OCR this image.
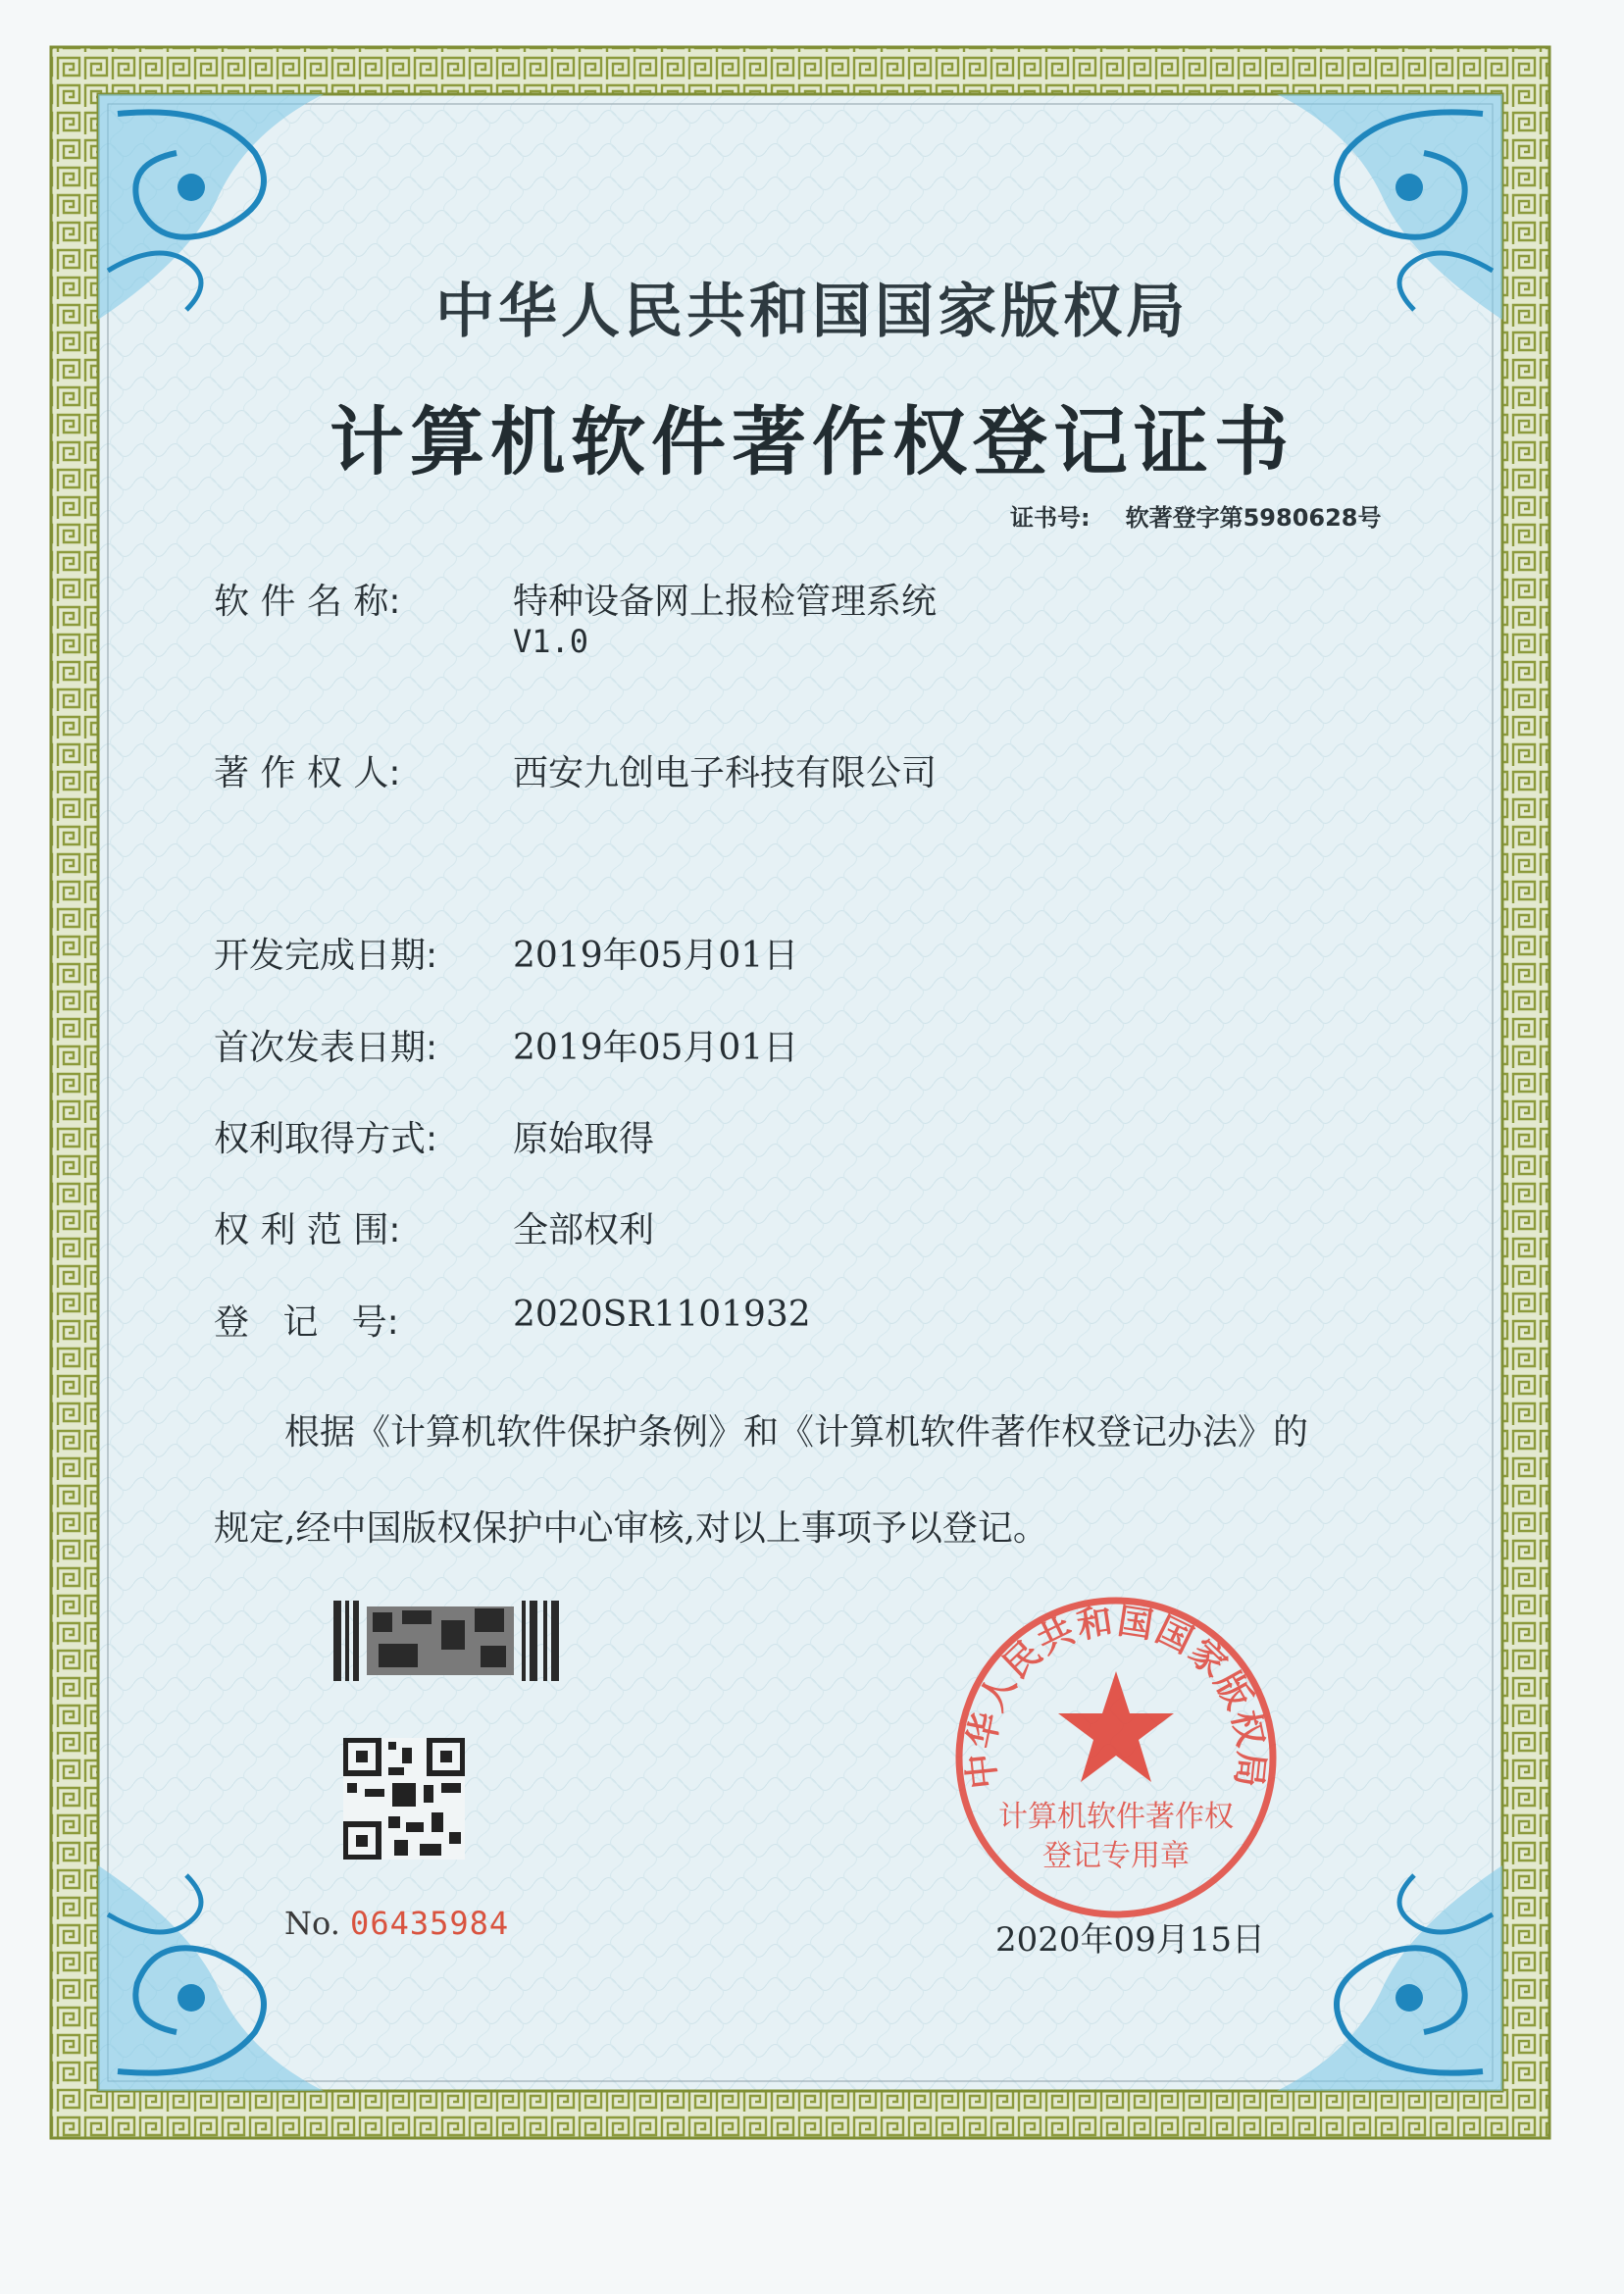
中华人民共和国国家版权局
计算机软件著作权登记证书
证书号: 软著登字第5980628号
软 件 名 称:	特种设备网上报检管理系统
V1.0
著 作 权 人:	西安九创电子科技有限公司
开发完成日期: 2019年05月01日
首次发表日期: 2019年05月01日
权利取得方式: 原始取得
权 利 范 围:	全部权利
登   记   号:	2020SR1101932
根据《计算机软件保护条例》和《计算机软件著作权登记办法》的
规定,经中国版权保护中心审核,对以上事项予以登记。
No. 06435984
中华人民共和国国家版权局
计算机软件著作权
登记专用章
2020年09月15日
